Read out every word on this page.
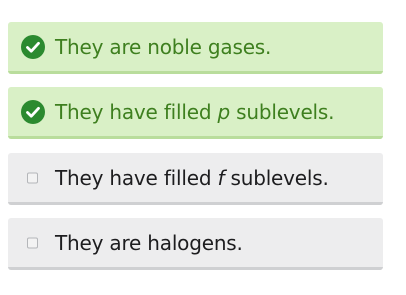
They are noble gases.
They have filled p sublevels.
They have filled f sublevels.
They are halogens.
